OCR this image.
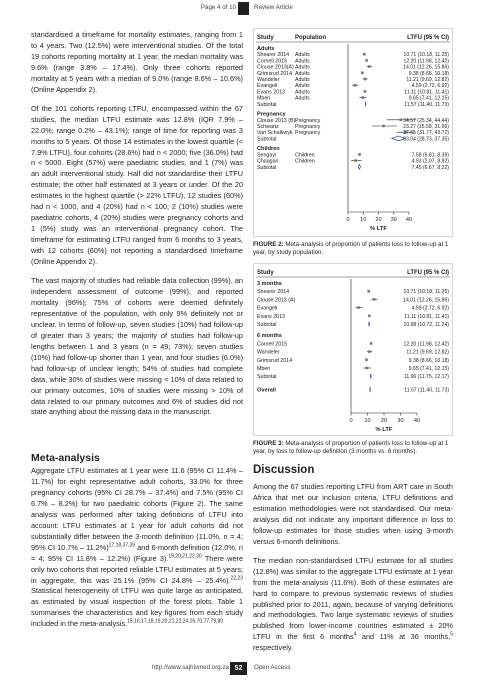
Page 4 of 10	Review Article

standardised a timeframe for mortality estimates, ranging from 1 to 4 years. Two (12.5%) were interventional studies. Of the total 19 cohorts reporting mortality at 1 year, the median mortality was 9.6% (range 3.8% – 17.4%). Only three cohorts reported mortality at 5 years with a median of 9.0% (range 8.6% – 10.6%) (Online Appendix 2).

Of the 101 cohorts reporting LTFU, encompassed within the 67 studies, the median LTFU estimate was 12.8% (IQR 7.9% – 22.0%; range 0.2% – 43.1%); range of time for reporting was 3 months to 5 years. Of those 14 estimates in the lowest quartile (< 7.9% LTFU), four cohorts (28.6%) had n < 2000; five (36.0%) had n < 5000. Eight (57%) were paediatric studies, and 1 (7%) was an adult interventional study. Half did not standardise their LTFU estimate; the other half estimated at 3 years or under. Of the 20 estimates in the highest quartile (> 22% LTFU), 12 studies (60%) had n < 1000, and 4 (20%) had n < 100; 2 (10%) studies were paediatric cohorts, 4 (20%) studies were pregnancy cohorts and 1 (5%) study was an interventional pregnancy cohort. The timeframe for estimating LTFU ranged from 6 months to 3 years, with 12 cohorts (60%) not reporting a standardised timeframe (Online Appendix 2).

The vast majority of studies had reliable data collection (99%), an independent assessment of outcome (99%), and reported mortality (96%); 75% of cohorts were deemed definitely representative of the population, with only 9% definitely not or unclear. In terms of follow-up, seven studies (10%) had follow-up of greater than 3 years; the majority of studies had follow-up lengths between 1 and 3 years (n = 49; 73%); seven studies (10%) had follow-up shorter than 1 year, and four studies (6.0%) had follow-up of unclear length; 54% of studies had complete data, while 30% of studies were missing < 10% of data related to our primary outcomes, 10% of studies were missing > 10% of data related to our primary outcomes and 6% of studies did not state anything about the missing data in the manuscript.

Meta-analysis

Aggregate LTFU estimates at 1 year were 11.6 (95% CI 11.4% – 11.7%) for eight representative adult cohorts, 33.0% for three pregnancy cohorts (95% CI 28.7% – 37.4%) and 7.5% (95% CI 6.7% – 8.2%) for two paediatric cohorts (Figure 2). The same analysis was performed after taking definitions of LTFU into account: LTFU estimates at 1 year for adult cohorts did not substantially differ between the 3-month definition (11.0%, n = 4; 95% CI 10.7% – 11.2%)$^{17,18,37,39}$ and 6-month definition (12.0%, n = 4; 95% CI 11.8% – 12.2%) (Figure 3).$^{19,20,21,22,30}$ There were only two cohorts that reported reliable LTFU estimates at 5 years; in aggregate, this was 25.1% (95% CI 24.8% – 25.4%).$^{22,23}$ Statistical heterogeneity of LTFU was quite large as anticipated, as estimated by visual inspection of the forest plots. Table 1 summarises the characteristics and key figures from each study included in the meta-analysis.$^{15,16,17,18,19,20,21,22,24,26,70,77,79,80}$

Study	Population	LTFU (95 % CI)
Adults
Shearer 2014 Adults	10.71 (10.18, 11.25)
Cornell 2015 Adults	12.20 (11.98, 12.42)
Clouse 2013(A) Adults	14.01 (12.26, 15.86)
Grimsrud 2014 Adults	9.38 (8.66, 10.18)
Wandeler	Adults	11.21 (9.69, 12.82)
Evangeli	Adults	4.59 (2.72, 6.92)
Evans 2013 Adults	11.11 (10.81, 11.41)
Mberi	Adults	9.65 (7.41, 12.15)
Subtotal	11.57 (11.40, 11.73)
Pregnancy
Clouse 2013 (B) Pregnancy	34.57 (25.34, 44.44)
Schwartz	Pregnancy	23.27 (15.58, 31.96)
Van Schalkwyk Pregnancy	37.65 (31.77, 43.72)
Subtotal	33.04 (28.73, 37.35)
Children
Sengayi	Children	7.58 (6.81, 8.39)
Chaagan	Children	4.93 (2.07, 8.92)
Subtotal	7.45 (6.67, 8.22)
0 10 20 30 40
% LTF
FIGURE 2: Meta-analysis of proportion of patients loss to follow-up at 1 year, by study population.
Study	LTFU (95 % CI)
3 months
Shearer 2014	10.71 (10.18, 11.25)
Clouse 2013 (A)	14.01 (12.26, 15.86)
Evangeli	4.59 (2.72, 6.92)
Evans 2013	11.11 (10.81, 11.41)
Subtotal	10.98 (10.72, 11.24)
6 months
Cornell 2015	12.20 (11.98, 12.42)
Wandeler	11.21 (9.69, 12.82)
Grimsrud 2014	9.38 (8.66, 10.18)
Mberi	9.65 (7.41, 12.15)
Subtotal	11.96 (11.75, 12.17)
Overall	11.57 (11.40, 11.73)
0 10 20 30 40
% LTF
FIGURE 3: Meta-analysis of proportion of patients loss to follow-up at 1 year, by loss to follow-up definition (3 months vs. 6 months).
Discussion

Among the 67 studies reporting LTFU from ART care in South Africa that met our inclusion criteria, LTFU definitions and estimation methodologies were not standardised. Our meta-analysis did not indicate any important difference in loss to follow-up estimates for those studies when using 3-month versus 6-month definitions.

The median non-standardised LTFU estimate for all studies (12.8%) was similar to the aggregate LTFU estimate at 1 year from the meta-analysis (11.6%). Both of these estimates are hard to compare to previous systematic reviews of studies published prior to 2011, again, because of varying definitions and methodologies. Two large systematic reviews of studies published from lower-income countries estimated ± 20% LTFU in the first 6 months$^4$ and 11% at 36 months,$^5$ respectively.

http://www.sajhivmed.org.za 52	Open Access
